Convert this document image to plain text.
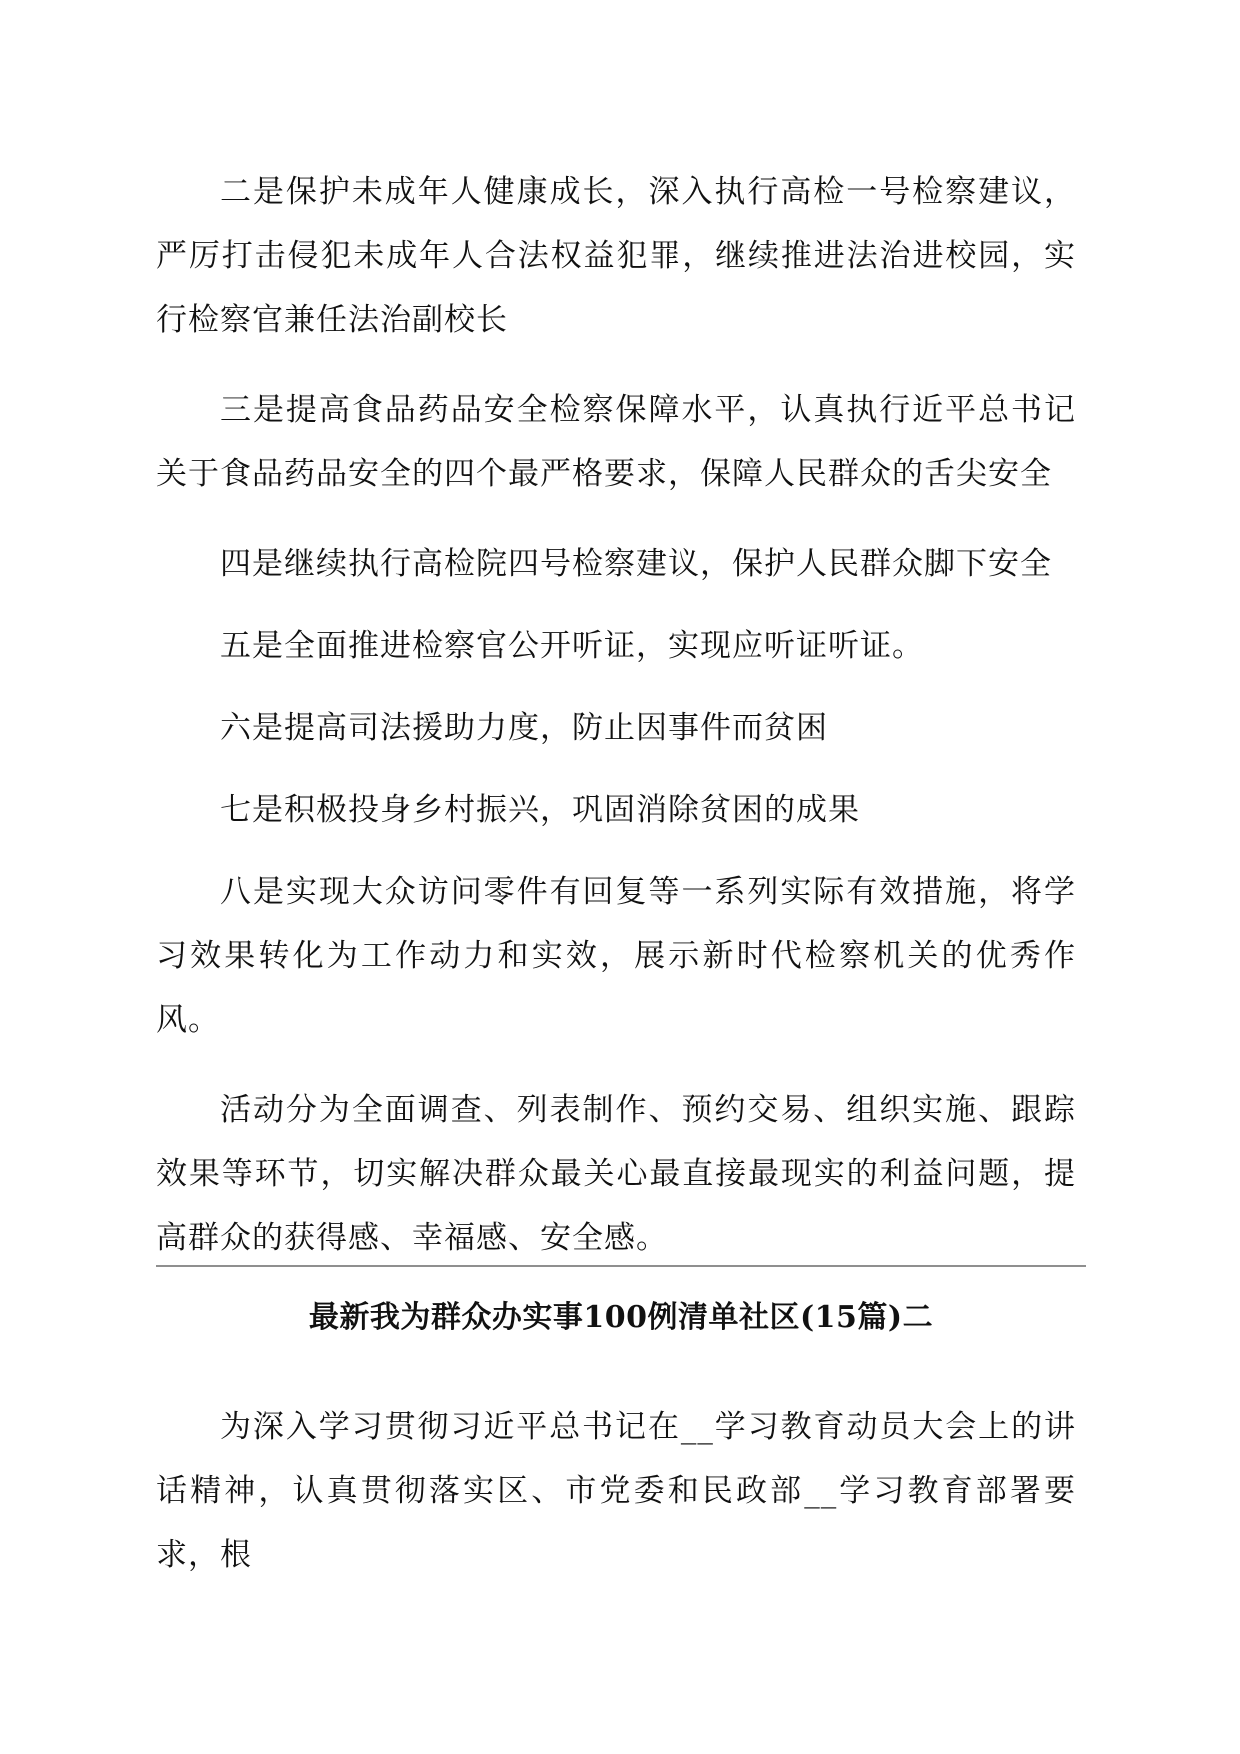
二是保护未成年人健康成长，深入执行高检一号检察建议，严厉打击侵犯未成年人合法权益犯罪，继续推进法治进校园，实行检察官兼任法治副校长

三是提高食品药品安全检察保障水平，认真执行近平总书记关于食品药品安全的四个最严格要求，保障人民群众的舌尖安全

四是继续执行高检院四号检察建议，保护人民群众脚下安全

五是全面推进检察官公开听证，实现应听证听证。

六是提高司法援助力度，防止因事件而贫困

七是积极投身乡村振兴，巩固消除贫困的成果

八是实现大众访问零件有回复等一系列实际有效措施，将学习效果转化为工作动力和实效，展示新时代检察机关的优秀作风。

活动分为全面调查、列表制作、预约交易、组织实施、跟踪效果等环节，切实解决群众最关心最直接最现实的利益问题，提高群众的获得感、幸福感、安全感。

最新我为群众办实事100例清单社区(15篇)二

为深入学习贯彻习近平总书记在__学习教育动员大会上的讲话精神，认真贯彻落实区、市党委和民政部__学习教育部署要求，根
